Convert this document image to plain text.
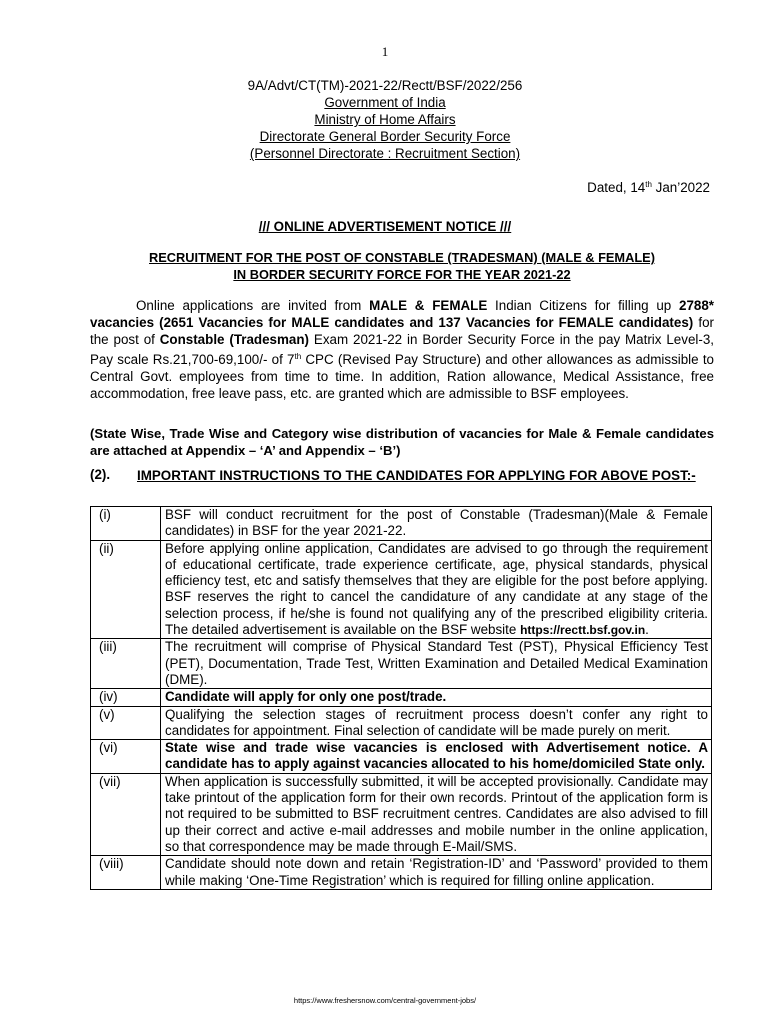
1
9A/Advt/CT(TM)-2021-22/Rectt/BSF/2022/256
Government of India
Ministry of Home Affairs
Directorate General Border Security Force
(Personnel Directorate : Recruitment Section)
Dated, 14th Jan’2022
/// ONLINE ADVERTISEMENT NOTICE ///
RECRUITMENT FOR THE POST OF CONSTABLE (TRADESMAN) (MALE & FEMALE)
IN BORDER SECURITY FORCE FOR THE YEAR 2021-22
Online applications are invited from MALE & FEMALE Indian Citizens for filling up 2788* vacancies (2651 Vacancies for MALE candidates and 137 Vacancies for FEMALE candidates) for the post of Constable (Tradesman) Exam 2021-22 in Border Security Force in the pay Matrix Level-3, Pay scale Rs.21,700-69,100/- of 7th CPC (Revised Pay Structure) and other allowances as admissible to Central Govt. employees from time to time. In addition, Ration allowance, Medical Assistance, free accommodation, free leave pass, etc. are granted which are admissible to BSF employees.
(State Wise, Trade Wise and Category wise distribution of vacancies for Male & Female candidates are attached at Appendix – ‘A’ and Appendix – ‘B’)
(2). IMPORTANT INSTRUCTIONS TO THE CANDIDATES FOR APPLYING FOR ABOVE POST:-
(i)	BSF will conduct recruitment for the post of Constable (Tradesman)(Male & Female candidates) in BSF for the year 2021-22.
(ii)	Before applying online application, Candidates are advised to go through the requirement of educational certificate, trade experience certificate, age, physical standards, physical efficiency test, etc and satisfy themselves that they are eligible for the post before applying. BSF reserves the right to cancel the candidature of any candidate at any stage of the selection process, if he/she is found not qualifying any of the prescribed eligibility criteria. The detailed advertisement is available on the BSF website https://rectt.bsf.gov.in.
(iii)	The recruitment will comprise of Physical Standard Test (PST), Physical Efficiency Test (PET), Documentation, Trade Test, Written Examination and Detailed Medical Examination (DME).
(iv)	Candidate will apply for only one post/trade.
(v)	Qualifying the selection stages of recruitment process doesn’t confer any right to candidates for appointment. Final selection of candidate will be made purely on merit.
(vi)	State wise and trade wise vacancies is enclosed with Advertisement notice. A candidate has to apply against vacancies allocated to his home/domiciled State only.
(vii)	When application is successfully submitted, it will be accepted provisionally. Candidate may take printout of the application form for their own records. Printout of the application form is not required to be submitted to BSF recruitment centres. Candidates are also advised to fill up their correct and active e-mail addresses and mobile number in the online application, so that correspondence may be made through E-Mail/SMS.
(viii)	Candidate should note down and retain ‘Registration-ID’ and ‘Password’ provided to them while making ‘One-Time Registration’ which is required for filling online application.
https://www.freshersnow.com/central-government-jobs/
